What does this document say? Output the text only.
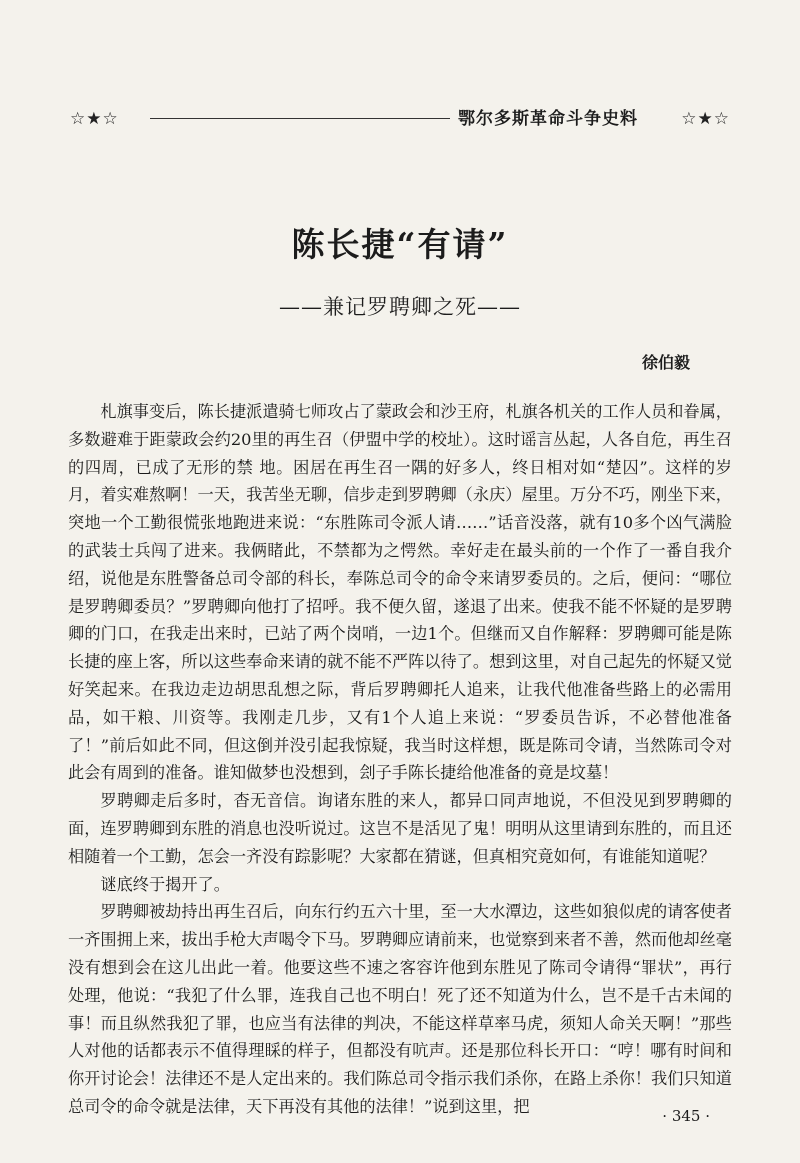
☆★☆	鄂尔多斯革命斗争史料	☆★☆
陈长捷“有请”
——兼记罗聘卿之死——
徐伯毅

札旗事变后，陈长捷派遣骑七师攻占了蒙政会和沙王府，札旗各机关的工作人员和眷属，多数避难于距蒙政会约20里的再生召（伊盟中学的校址）。这时谣言丛起，人各自危，再生召的四周，已成了无形的禁 地。困居在再生召一隅的好多人，终日相对如“楚囚”。这样的岁月，着实难熬啊！一天，我苦坐无聊，信步走到罗聘卿（永庆）屋里。万分不巧，刚坐下来，突地一个工勤很慌张地跑进来说：“东胜陈司令派人请……”话音没落，就有10多个凶气满脸的武装士兵闯了进来。我俩睹此，不禁都为之愕然。幸好走在最头前的一个作了一番自我介绍，说他是东胜警备总司令部的科长，奉陈总司令的命令来请罗委员的。之后，便问：“哪位是罗聘卿委员？”罗聘卿向他打了招呼。我不便久留，遂退了出来。使我不能不怀疑的是罗聘卿的门口，在我走出来时，已站了两个岗哨，一边1个。但继而又自作解释：罗聘卿可能是陈长捷的座上客，所以这些奉命来请的就不能不严阵以待了。想到这里，对自己起先的怀疑又觉好笑起来。在我边走边胡思乱想之际，背后罗聘卿托人追来，让我代他准备些路上的必需用品，如干粮、川资等。我刚走几步，又有1个人追上来说：“罗委员告诉，不必替他准备了！”前后如此不同，但这倒并没引起我惊疑，我当时这样想，既是陈司令请，当然陈司令对此会有周到的准备。谁知做梦也没想到，刽子手陈长捷给他准备的竟是坟墓！

罗聘卿走后多时，杳无音信。询诸东胜的来人，都异口同声地说，不但没见到罗聘卿的面，连罗聘卿到东胜的消息也没听说过。这岂不是活见了鬼！明明从这里请到东胜的，而且还相随着一个工勤，怎会一齐没有踪影呢？大家都在猜谜，但真相究竟如何，有谁能知道呢？

谜底终于揭开了。

罗聘卿被劫持出再生召后，向东行约五六十里，至一大水潭边，这些如狼似虎的请客使者一齐围拥上来，拔出手枪大声喝令下马。罗聘卿应请前来，也觉察到来者不善，然而他却丝毫没有想到会在这儿出此一着。他要这些不速之客容许他到东胜见了陈司令请得“罪状”，再行处理，他说：“我犯了什么罪，连我自己也不明白！死了还不知道为什么，岂不是千古未闻的事！而且纵然我犯了罪，也应当有法律的判决，不能这样草率马虎，须知人命关天啊！”那些人对他的话都表示不值得理睬的样子，但都没有吭声。还是那位科长开口：“哼！哪有时间和你开讨论会！法律还不是人定出来的。我们陈总司令指示我们杀你，在路上杀你！我们只知道总司令的命令就是法律，天下再没有其他的法律！”说到这里，把

· 345 ·
